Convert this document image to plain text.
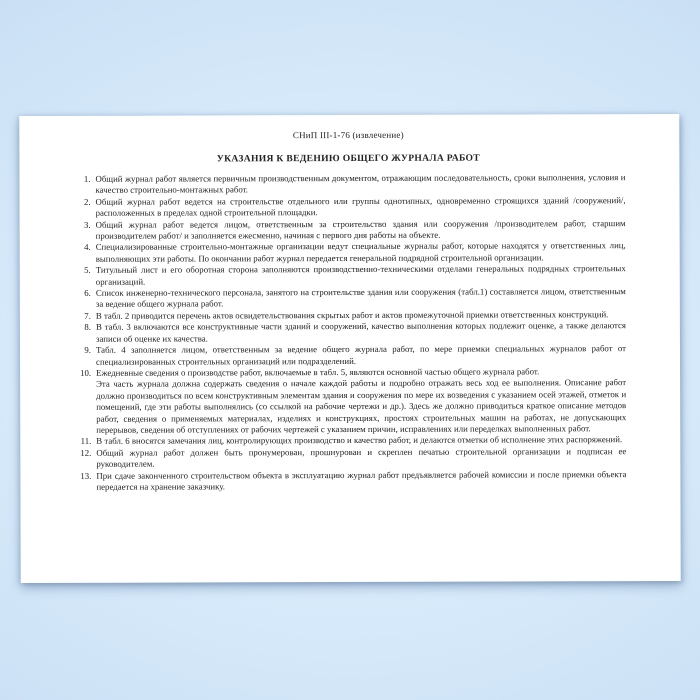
СНиП III-1-76 (извлечение)
УКАЗАНИЯ К ВЕДЕНИЮ ОБЩЕГО ЖУРНАЛА РАБОТ
1. Общий журнал работ является первичным производственным документом, отражающим последовательность, сроки выполнения, условия и качество строительно-монтажных работ.
2. Общий журнал работ ведется на строительстве отдельного или группы однотипных, одновременно строящихся зданий /сооружений/, расположенных в пределах одной строительной площадки.
3. Общий журнал работ ведется лицом, ответственным за строительство здания или сооружения /производителем работ, старшим производителем работ/ и заполняется ежесменно, начиная с первого дня работы на объекте.
4. Специализированные строительно-монтажные организации ведут специальные журналы работ, которые находятся у ответственных лиц, выполняющих эти работы. По окончании работ журнал передается генеральной подрядной строительной организации.
5. Титульный лист и его оборотная сторона заполняются производственно-техническими отделами генеральных подрядных строительных организаций.
6. Список инженерно-технического персонала, занятого на строительстве здания или сооружения (табл.1) составляется лицом, ответственным за ведение общего журнала работ.
7. В табл. 2 приводится перечень актов освидетельствования скрытых работ и актов промежуточной приемки ответственных конструкций.
8. В табл. 3 включаются все конструктивные части зданий и сооружений, качество выполнения которых подлежит оценке, а также делаются записи об оценке их качества.
9. Табл. 4 заполняется лицом, ответственным за ведение общего журнала работ, по мере приемки специальных журналов работ от специализированных строительных организаций или подразделений.
10. Ежедневные сведения о производстве работ, включаемые в табл. 5, являются основной частью общего журнала работ.
Эта часть журнала должна содержать сведения о начале каждой работы и подробно отражать весь ход ее выполнения. Описание работ должно производиться по всем конструктивным элементам здания и сооружения по мере их возведения с указанием осей этажей, отметок и помещений, где эти работы выполнялись (со ссылкой на рабочие чертежи и др.). Здесь же должно приводиться краткое описание методов работ, сведения о применяемых материалах, изделиях и конструкциях, простоях строительных машин на работах, не допускающих перерывов, сведения об отступлениях от рабочих чертежей с указанием причин, исправлениях или переделках выполненных работ.
11. В табл. 6 вносятся замечания лиц, контролирующих производство и качество работ, и делаются отметки об исполнение этих распоряжений.
12. Общий журнал работ должен быть пронумерован, прошнурован и скреплен печатью строительной организации и подписан ее руководителем.
13. При сдаче законченного строительством объекта в эксплуатацию журнал работ предъявляется рабочей комиссии и после приемки объекта передается на хранение заказчику.
